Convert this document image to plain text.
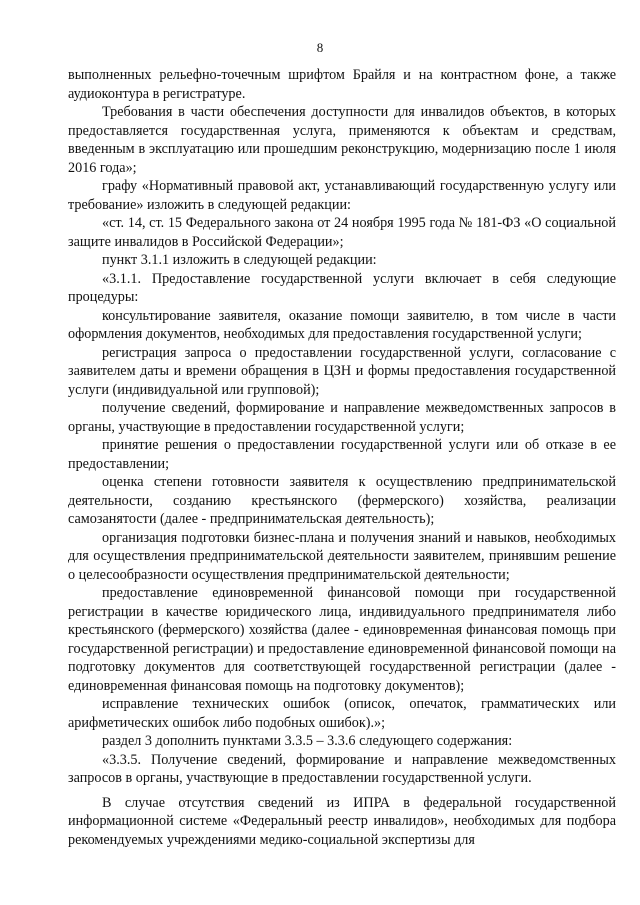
8

выполненных рельефно-точечным шрифтом Брайля и на контрастном фоне, а также аудиоконтура в регистратуре.

Требования в части обеспечения доступности для инвалидов объектов, в которых предоставляется государственная услуга, применяются к объектам и средствам, введенным в эксплуатацию или прошедшим реконструкцию, модернизацию после 1 июля 2016 года»;

графу «Нормативный правовой акт, устанавливающий государственную услугу или требование» изложить в следующей редакции:

«ст. 14, ст. 15 Федерального закона от 24 ноября 1995 года № 181-ФЗ «О социальной защите инвалидов в Российской Федерации»;

пункт 3.1.1 изложить в следующей редакции:

«3.1.1. Предоставление государственной услуги включает в себя следующие процедуры:

консультирование заявителя, оказание помощи заявителю, в том числе в части оформления документов, необходимых для предоставления государственной услуги;

регистрация запроса о предоставлении государственной услуги, согласование с заявителем даты и времени обращения в ЦЗН и формы предоставления государственной услуги (индивидуальной или групповой);

получение сведений, формирование и направление межведомственных запросов в органы, участвующие в предоставлении государственной услуги;

принятие решения о предоставлении государственной услуги или об отказе в ее предоставлении;

оценка степени готовности заявителя к осуществлению предпринимательской деятельности, созданию крестьянского (фермерского) хозяйства, реализации самозанятости (далее - предпринимательская деятельность);

организация подготовки бизнес-плана и получения знаний и навыков, необходимых для осуществления предпринимательской деятельности заявителем, принявшим решение о целесообразности осуществления предпринимательской деятельности;

предоставление единовременной финансовой помощи при государственной регистрации в качестве юридического лица, индивидуального предпринимателя либо крестьянского (фермерского) хозяйства (далее - единовременная финансовая помощь при государственной регистрации) и предоставление единовременной финансовой помощи на подготовку документов для соответствующей государственной регистрации (далее - единовременная финансовая помощь на подготовку документов);

исправление технических ошибок (описок, опечаток, грамматических или арифметических ошибок либо подобных ошибок).»;

раздел 3 дополнить пунктами 3.3.5 – 3.3.6 следующего содержания:

«3.3.5. Получение сведений, формирование и направление межведомственных запросов в органы, участвующие в предоставлении государственной услуги.

В случае отсутствия сведений из ИПРА в федеральной государственной информационной системе «Федеральный реестр инвалидов», необходимых для подбора рекомендуемых учреждениями медико-социальной экспертизы для
